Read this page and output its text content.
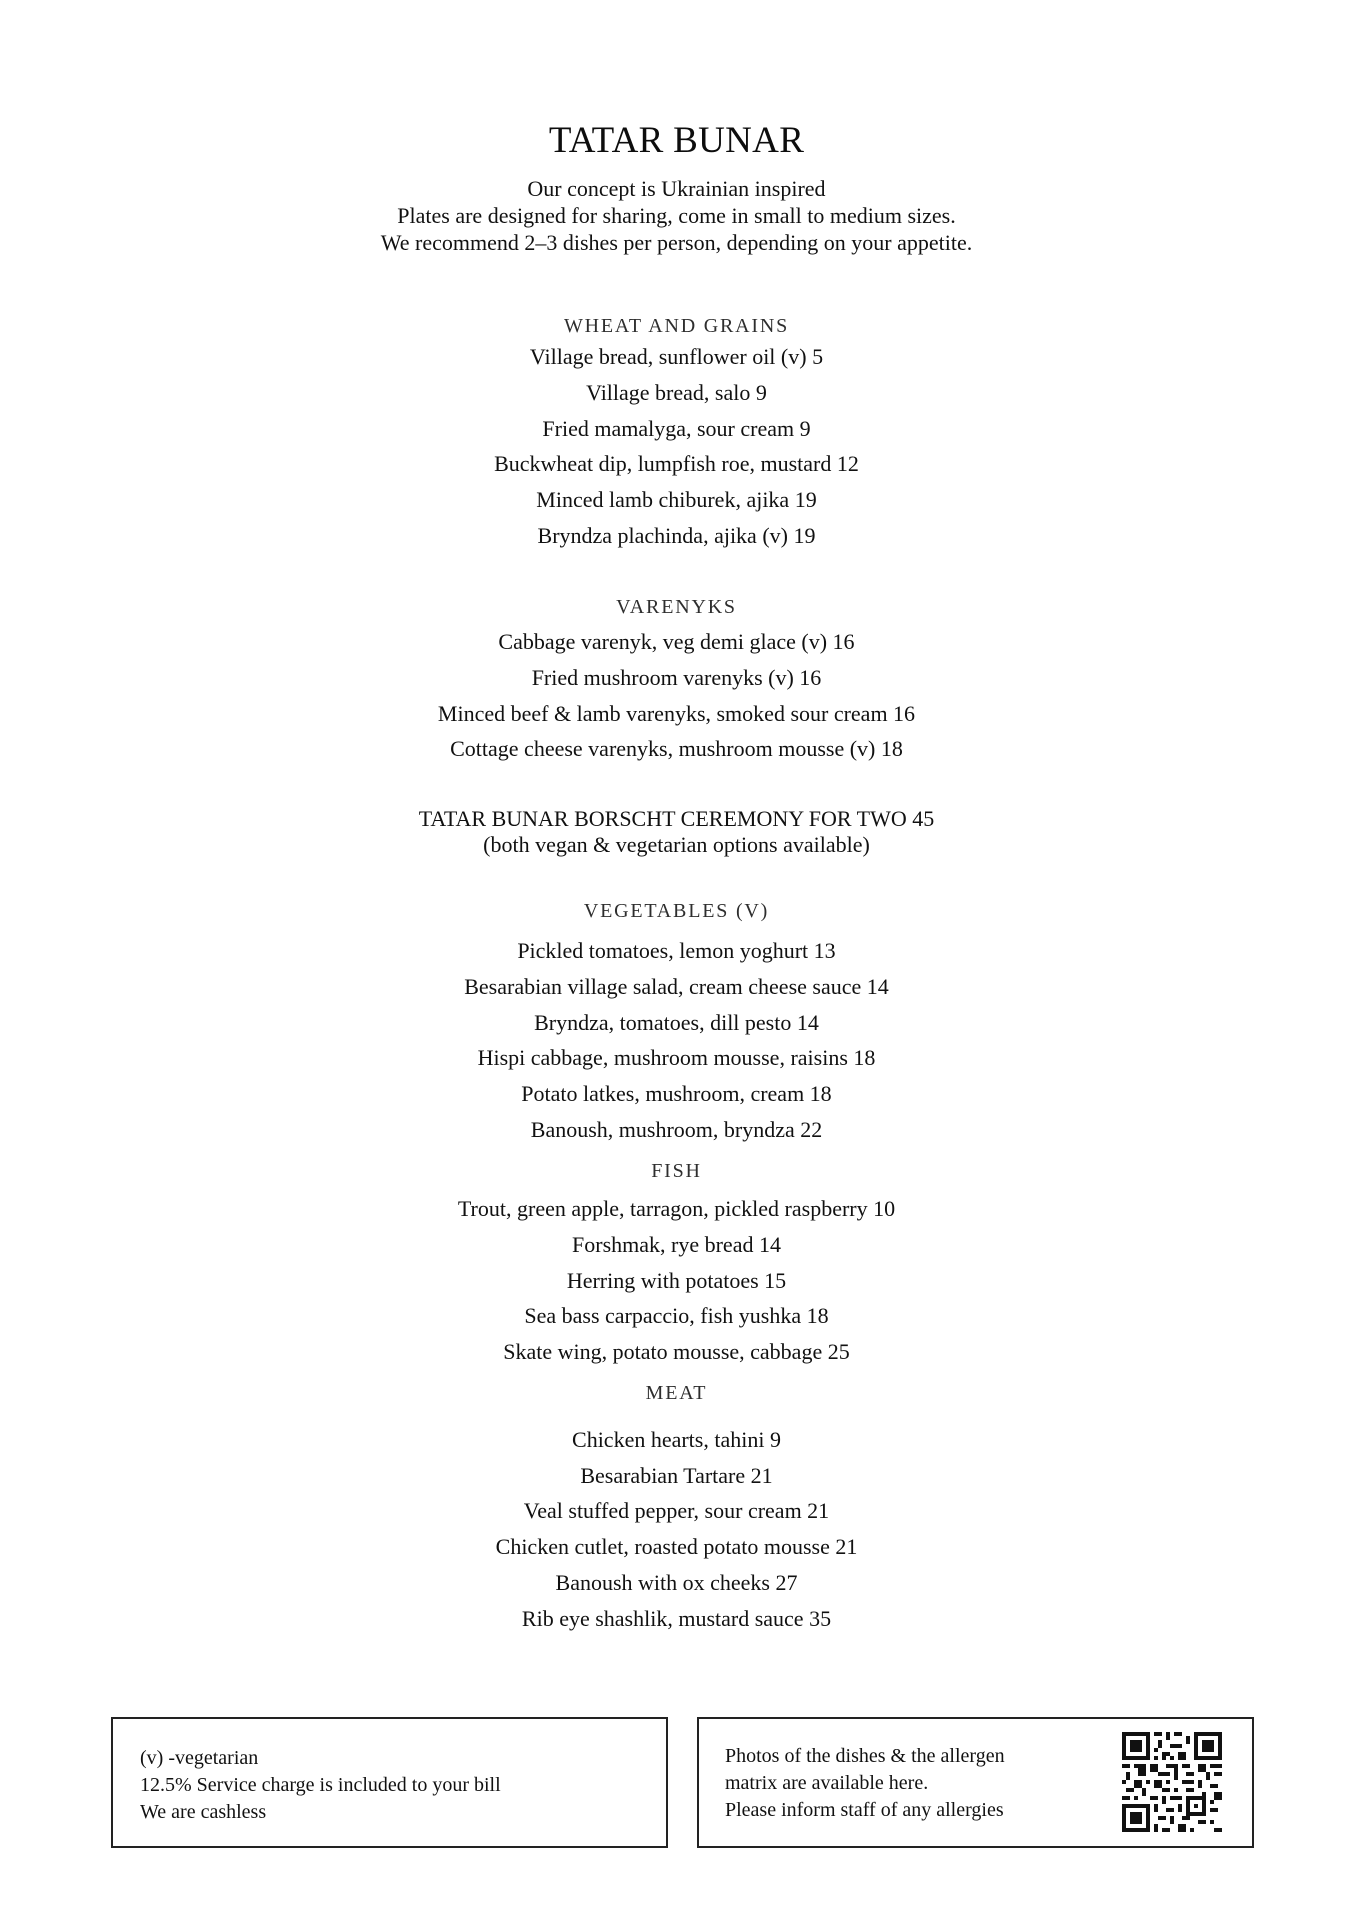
TATAR BUNAR
Our concept is Ukrainian inspired
Plates are designed for sharing, come in small to medium sizes.
We recommend 2–3 dishes per person, depending on your appetite.
WHEAT AND GRAINS
Village bread, sunflower oil (v) 5
Village bread, salo 9
Fried mamalyga, sour cream 9
Buckwheat dip, lumpfish roe, mustard 12
Minced lamb chiburek, ajika 19
Bryndza plachinda, ajika (v) 19
VARENYKS
Cabbage varenyk, veg demi glace (v) 16
Fried mushroom varenyks (v) 16
Minced beef & lamb varenyks, smoked sour cream 16
Cottage cheese varenyks, mushroom mousse (v) 18
TATAR BUNAR BORSCHT CEREMONY FOR TWO 45
(both vegan & vegetarian options available)
VEGETABLES (V)
Pickled tomatoes, lemon yoghurt 13
Besarabian village salad, cream cheese sauce 14
Bryndza, tomatoes, dill pesto 14
Hispi cabbage, mushroom mousse, raisins 18
Potato latkes, mushroom, cream 18
Banoush, mushroom, bryndza 22
FISH
Trout, green apple, tarragon, pickled raspberry 10
Forshmak, rye bread 14
Herring with potatoes 15
Sea bass carpaccio, fish yushka 18
Skate wing, potato mousse, cabbage 25
MEAT
Chicken hearts, tahini 9
Besarabian Tartare 21
Veal stuffed pepper, sour cream 21
Chicken cutlet, roasted potato mousse 21
Banoush with ox cheeks 27
Rib eye shashlik, mustard sauce 35
(v) -vegetarian
12.5% Service charge is included to your bill
We are cashless
Photos of the dishes & the allergen
matrix are available here.
Please inform staff of any allergies
